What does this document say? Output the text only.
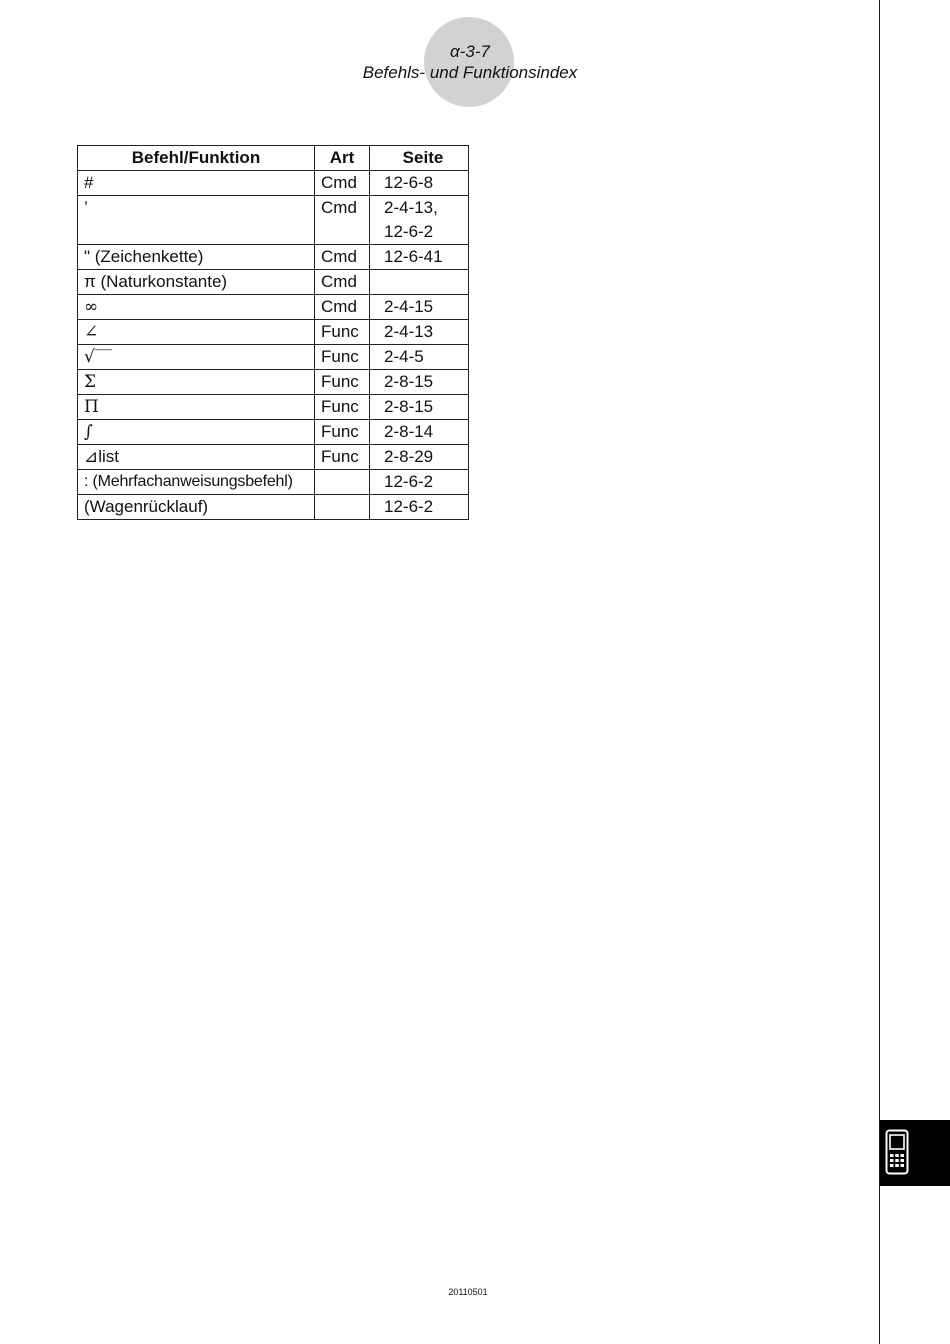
α-3-7
Befehls- und Funktionsindex
Befehl/Funktion	Art	Seite
#	Cmd	12-6-8
’	Cmd	2-4-13,
12-6-2

" (Zeichenkette)	Cmd	12-6-41
π (Naturkonstante)	Cmd	
∞	Cmd	2-4-15
∠	Func	2-4-13
√‾‾	Func	2-4-5
Σ	Func	2-8-15
Π	Func	2-8-15
∫	Func	2-8-14
⊿list	Func	2-8-29
: (Mehrfachanweisungsbefehl)		12-6-2
(Wagenrücklauf)		12-6-2
20110501
